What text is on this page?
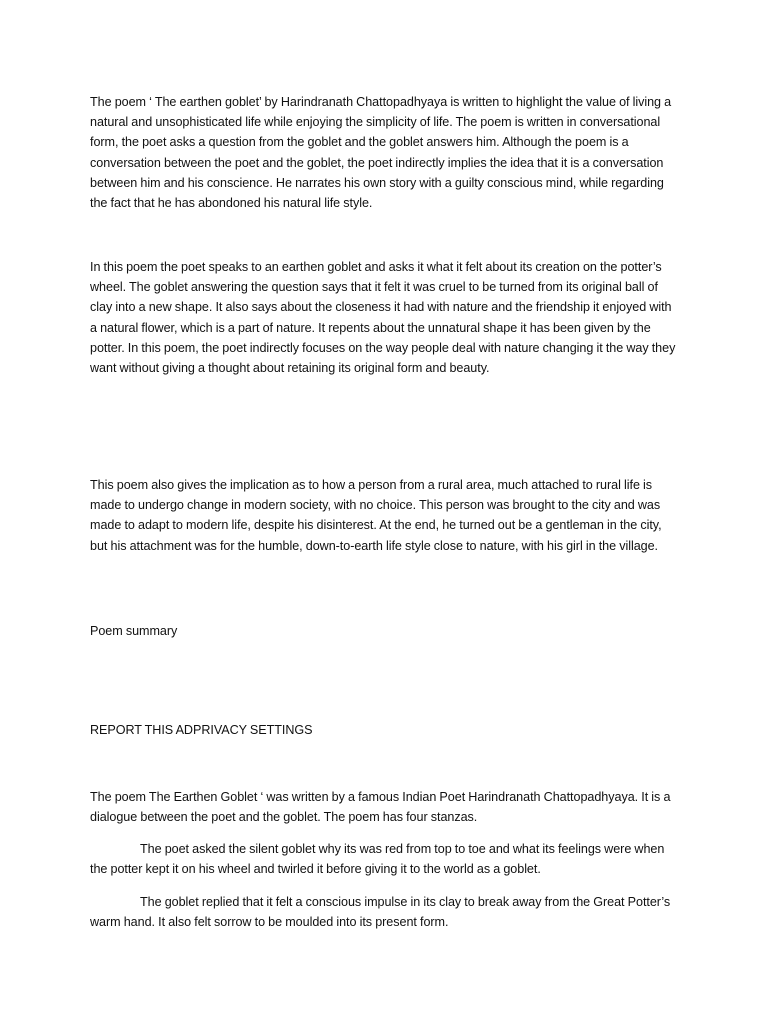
The poem ‘ The earthen goblet’ by Harindranath Chattopadhyaya is written to highlight the value of living a natural and unsophisticated life while enjoying the simplicity of life. The poem is written in conversational form, the poet asks a question from the goblet and the goblet answers him. Although the poem is a conversation between the poet and the goblet, the poet indirectly implies the idea that it is a conversation between him and his conscience. He narrates his own story with a guilty conscious mind, while regarding the fact that he has abondoned his natural life style.

In this poem the poet speaks to an earthen goblet and asks it what it felt about its creation on the potter’s wheel. The goblet answering the question says that it felt it was cruel to be turned from its original ball of clay into a new shape. It also says about the closeness it had with nature and the friendship it enjoyed with a natural flower, which is a part of nature. It repents about the unnatural shape it has been given by the potter. In this poem, the poet indirectly focuses on the way people deal with nature changing it the way they want without giving a thought about retaining its original form and beauty.

This poem also gives the implication as to how a person from a rural area, much attached to rural life is made to undergo change in modern society, with no choice. This person was brought to the city and was made to adapt to modern life, despite his disinterest. At the end, he turned out be a gentleman in the city, but his attachment was for the humble, down-to-earth life style close to nature, with his girl in the village.

Poem summary

REPORT THIS ADPRIVACY SETTINGS

The poem The Earthen Goblet ‘ was written by a famous Indian Poet Harindranath Chattopadhyaya. It is a dialogue between the poet and the goblet. The poem has four stanzas.

The poet asked the silent goblet why its was red from top to toe and what its feelings were when the potter kept it on his wheel and twirled it before giving it to the world as a goblet.

The goblet replied that it felt a conscious impulse in its clay to break away from the Great Potter’s warm hand. It also felt sorrow to be moulded into its present form.
